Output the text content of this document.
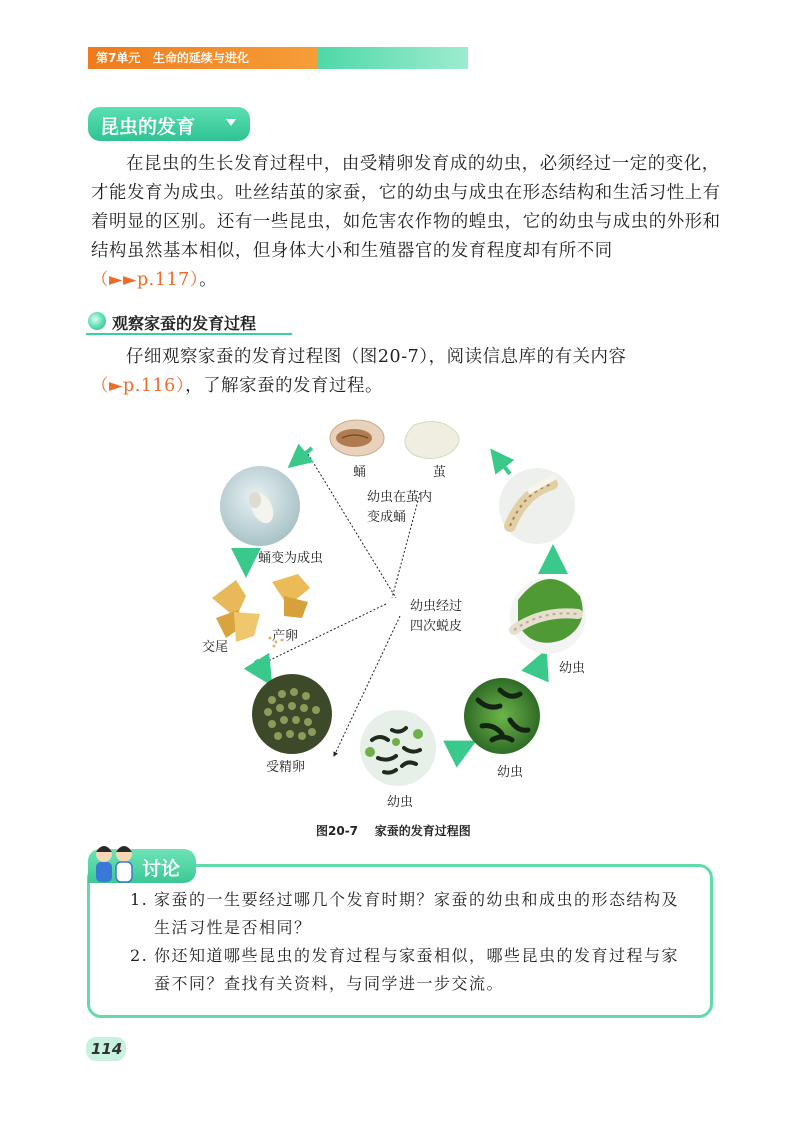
第7单元   生命的延续与进化
昆虫的发育
在昆虫的生长发育过程中，由受精卵发育成的幼虫，必须经过一定的变化，才能发育为成虫。吐丝结茧的家蚕，它的幼虫与成虫在形态结构和生活习性上有着明显的区别。还有一些昆虫，如危害农作物的蝗虫，它的幼虫与成虫的外形和结构虽然基本相似，但身体大小和生殖器官的发育程度却有所不同（►►p.117）。
观察家蚕的发育过程
仔细观察家蚕的发育过程图（图20-7），阅读信息库的有关内容（►p.116），了解家蚕的发育过程。
蛹	茧
幼虫在茧内
变成蛹
蛹变为成虫
产卵
交尾
幼虫经过
四次蜕皮
受精卵
幼虫
幼虫
幼虫
图20-7    家蚕的发育过程图
讨论
1. 家蚕的一生要经过哪几个发育时期？家蚕的幼虫和成虫的形态结构及生活习性是否相同？
2. 你还知道哪些昆虫的发育过程与家蚕相似，哪些昆虫的发育过程与家蚕不同？查找有关资料，与同学进一步交流。
114
